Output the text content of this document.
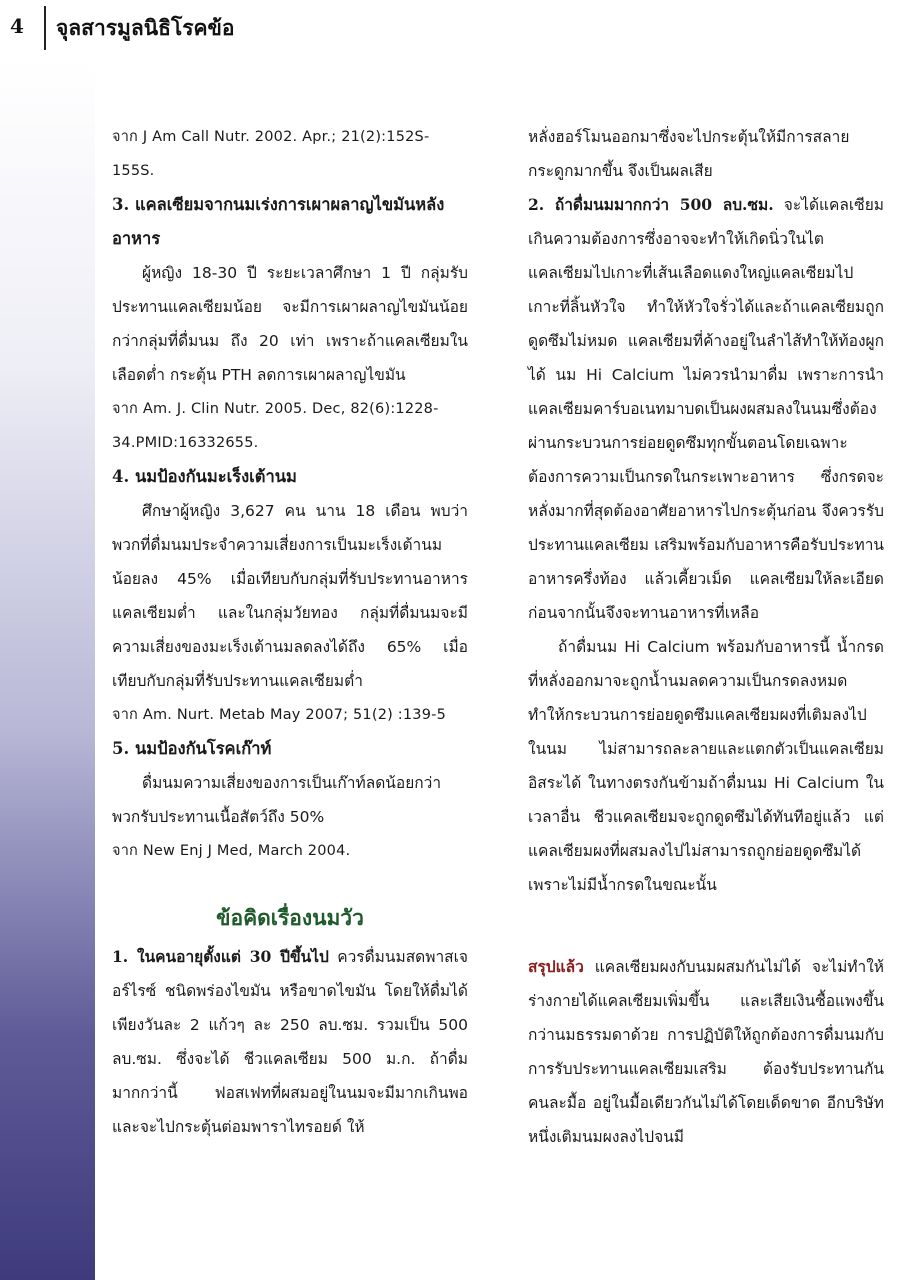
4 จุลสารมูลนิธิโรคข้อ

จาก J Am Call Nutr. 2002. Apr.; 21(2):152S-155S.

3. แคลเซียมจากนมเร่งการเผาผลาญไขมันหลังอาหาร

ผู้หญิง 18-30 ปี ระยะเวลาศึกษา 1 ปี กลุ่มรับประทานแคลเซียมน้อย จะมีการเผาผลาญไขมันน้อยกว่ากลุ่มที่ดื่มนม ถึง 20 เท่า เพราะถ้าแคลเซียมในเลือดต่ำ กระตุ้น PTH ลดการเผาผลาญไขมัน

จาก Am. J. Clin Nutr. 2005. Dec, 82(6):1228-34.PMID:16332655.

4. นมป้องกันมะเร็งเต้านม

ศึกษาผู้หญิง 3,627 คน นาน 18 เดือน พบว่า พวกที่ดื่มนมประจำความเสี่ยงการเป็นมะเร็งเต้านมน้อยลง 45% เมื่อเทียบกับกลุ่มที่รับประทานอาหารแคลเซียมต่ำ และในกลุ่มวัยทอง กลุ่มที่ดื่มนมจะมีความเสี่ยงของมะเร็งเต้านมลดลงได้ถึง 65% เมื่อเทียบกับกลุ่มที่รับประทานแคลเซียมต่ำ

จาก Am. Nurt. Metab May 2007; 51(2) :139-5

5. นมป้องกันโรคเก๊าท์

ดื่มนมความเสี่ยงของการเป็นเก๊าท์ลดน้อยกว่าพวกรับประทานเนื้อสัตว์ถึง 50%

จาก New Enj J Med, March 2004.

ข้อคิดเรื่องนมวัว

1. ในคนอายุตั้งแต่ 30 ปีขึ้นไป ควรดื่มนมสดพาสเจอร์ไรซ์ ชนิดพร่องไขมัน หรือขาดไขมัน โดยให้ดื่มได้เพียงวันละ 2 แก้วๆ ละ 250 ลบ.ซม. รวมเป็น 500 ลบ.ซม. ซึ่งจะได้ ชีวแคลเซียม 500 ม.ก. ถ้าดื่มมากกว่านี้ ฟอสเฟทที่ผสมอยู่ในนมจะมีมากเกินพอ และจะไปกระตุ้นต่อมพาราไทรอยด์ ให้

หลั่งฮอร์โมนออกมาซึ่งจะไปกระตุ้นให้มีการสลายกระดูกมากขึ้น จึงเป็นผลเสีย

2. ถ้าดื่มนมมากกว่า 500 ลบ.ซม. จะได้แคลเซียมเกินความต้องการซึ่งอาจจะทำให้เกิดนิ่วในไต แคลเซียมไปเกาะที่เส้นเลือดแดงใหญ่แคลเซียมไปเกาะที่ลิ้นหัวใจ ทำให้หัวใจรั่วได้และถ้าแคลเซียมถูกดูดซึมไม่หมด แคลเซียมที่ค้างอยู่ในลำไส้ทำให้ท้องผูกได้ นม Hi Calcium ไม่ควรนำมาดื่ม เพราะการนำแคลเซียมคาร์บอเนทมาบดเป็นผงผสมลงในนมซึ่งต้องผ่านกระบวนการย่อยดูดซึมทุกขั้นตอนโดยเฉพาะต้องการความเป็นกรดในกระเพาะอาหาร ซึ่งกรดจะหลั่งมากที่สุดต้องอาศัยอาหารไปกระตุ้นก่อน จึงควรรับประทานแคลเซียม เสริมพร้อมกับอาหารคือรับประทานอาหารครึ่งท้อง แล้วเคี้ยวเม็ด แคลเซียมให้ละเอียดก่อนจากนั้นจึงจะทานอาหารที่เหลือ

ถ้าดื่มนม Hi Calcium พร้อมกับอาหารนี้ น้ำกรดที่หลั่งออกมาจะถูกน้ำนมลดความเป็นกรดลงหมด ทำให้กระบวนการย่อยดูดซึมแคลเซียมผงที่เติมลงไปในนม ไม่สามารถละลายและแตกตัวเป็นแคลเซียมอิสระได้ ในทางตรงกันข้ามถ้าดื่มนม Hi Calcium ในเวลาอื่น ชีวแคลเซียมจะถูกดูดซึมได้ทันทีอยู่แล้ว แต่แคลเซียมผงที่ผสมลงไปไม่สามารถถูกย่อยดูดซึมได้เพราะไม่มีน้ำกรดในขณะนั้น

สรุปแล้ว แคลเซียมผงกับนมผสมกันไม่ได้ จะไม่ทำให้ร่างกายได้แคลเซียมเพิ่มขึ้น และเสียเงินซื้อแพงขึ้นกว่านมธรรมดาด้วย การปฏิบัติให้ถูกต้องการดื่มนมกับการรับประทานแคลเซียมเสริม ต้องรับประทานกันคนละมื้อ อยู่ในมื้อเดียวกันไม่ได้โดยเด็ดขาด อีกบริษัทหนึ่งเติมนมผงลงไปจนมี
